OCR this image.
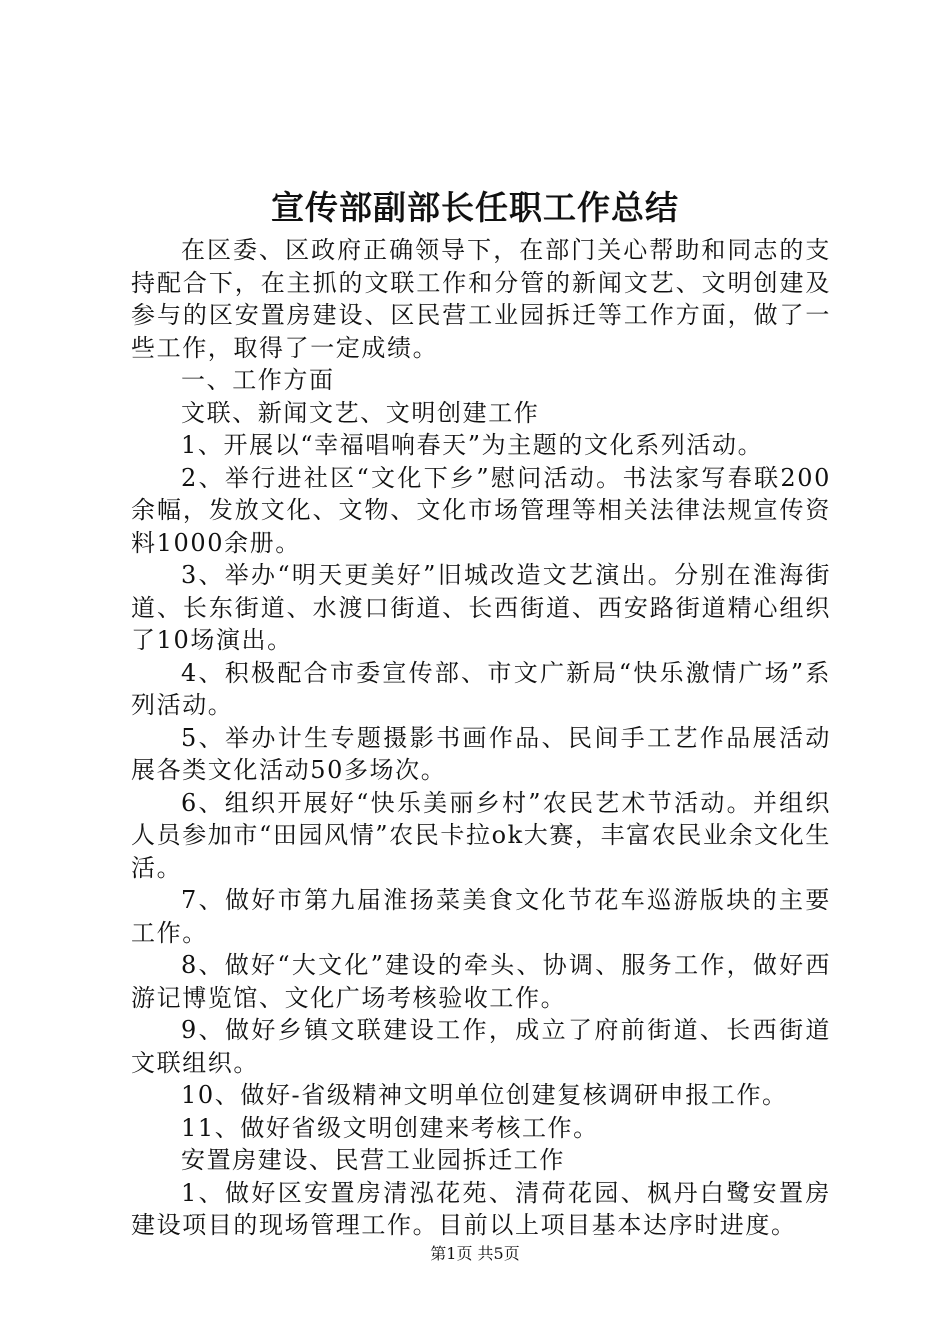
宣传部副部长任职工作总结

在区委、区政府正确领导下，在部门关心帮助和同志的支持配合下，在主抓的文联工作和分管的新闻文艺、文明创建及参与的区安置房建设、区民营工业园拆迁等工作方面，做了一些工作，取得了一定成绩。

一、工作方面

文联、新闻文艺、文明创建工作

1、开展以“幸福唱响春天”为主题的文化系列活动。

2、举行进社区“文化下乡”慰问活动。书法家写春联200余幅，发放文化、文物、文化市场管理等相关法律法规宣传资料1000余册。

3、举办“明天更美好”旧城改造文艺演出。分别在淮海街道、长东街道、水渡口街道、长西街道、西安路街道精心组织了10场演出。

4、积极配合市委宣传部、市文广新局“快乐激情广场”系列活动。

5、举办计生专题摄影书画作品、民间手工艺作品展活动展各类文化活动50多场次。

6、组织开展好“快乐美丽乡村”农民艺术节活动。并组织人员参加市“田园风情”农民卡拉ok大赛，丰富农民业余文化生活。

7、做好市第九届淮扬菜美食文化节花车巡游版块的主要工作。

8、做好“大文化”建设的牵头、协调、服务工作，做好西游记博览馆、文化广场考核验收工作。

9、做好乡镇文联建设工作，成立了府前街道、长西街道文联组织。

10、做好-省级精神文明单位创建复核调研申报工作。

11、做好省级文明创建来考核工作。

安置房建设、民营工业园拆迁工作

1、做好区安置房清泓花苑、清荷花园、枫丹白鹭安置房建设项目的现场管理工作。目前以上项目基本达序时进度。

第1页 共5页
